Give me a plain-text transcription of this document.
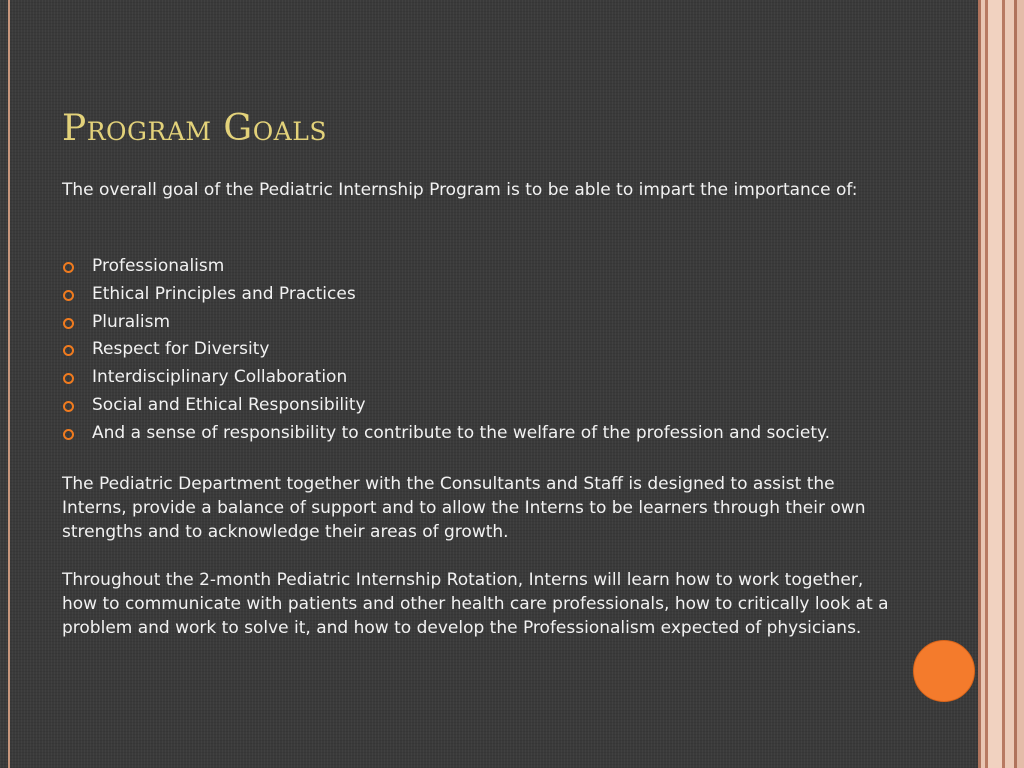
Program Goals
The overall goal of the Pediatric Internship Program is to be able to impart the importance of:
Professionalism
Ethical Principles and Practices
Pluralism
Respect for Diversity
Interdisciplinary Collaboration
Social and Ethical Responsibility
And a sense of responsibility to contribute to the welfare of the profession and society.
The Pediatric Department together with the Consultants and Staff is designed to assist the Interns, provide a balance of support and to allow the Interns to be learners through their own strengths and to acknowledge their areas of growth.
Throughout the 2-month Pediatric Internship Rotation, Interns will learn how to work together, how to communicate with patients and other health care professionals, how to critically look at a problem and work to solve it, and how to develop the Professionalism expected of physicians.
